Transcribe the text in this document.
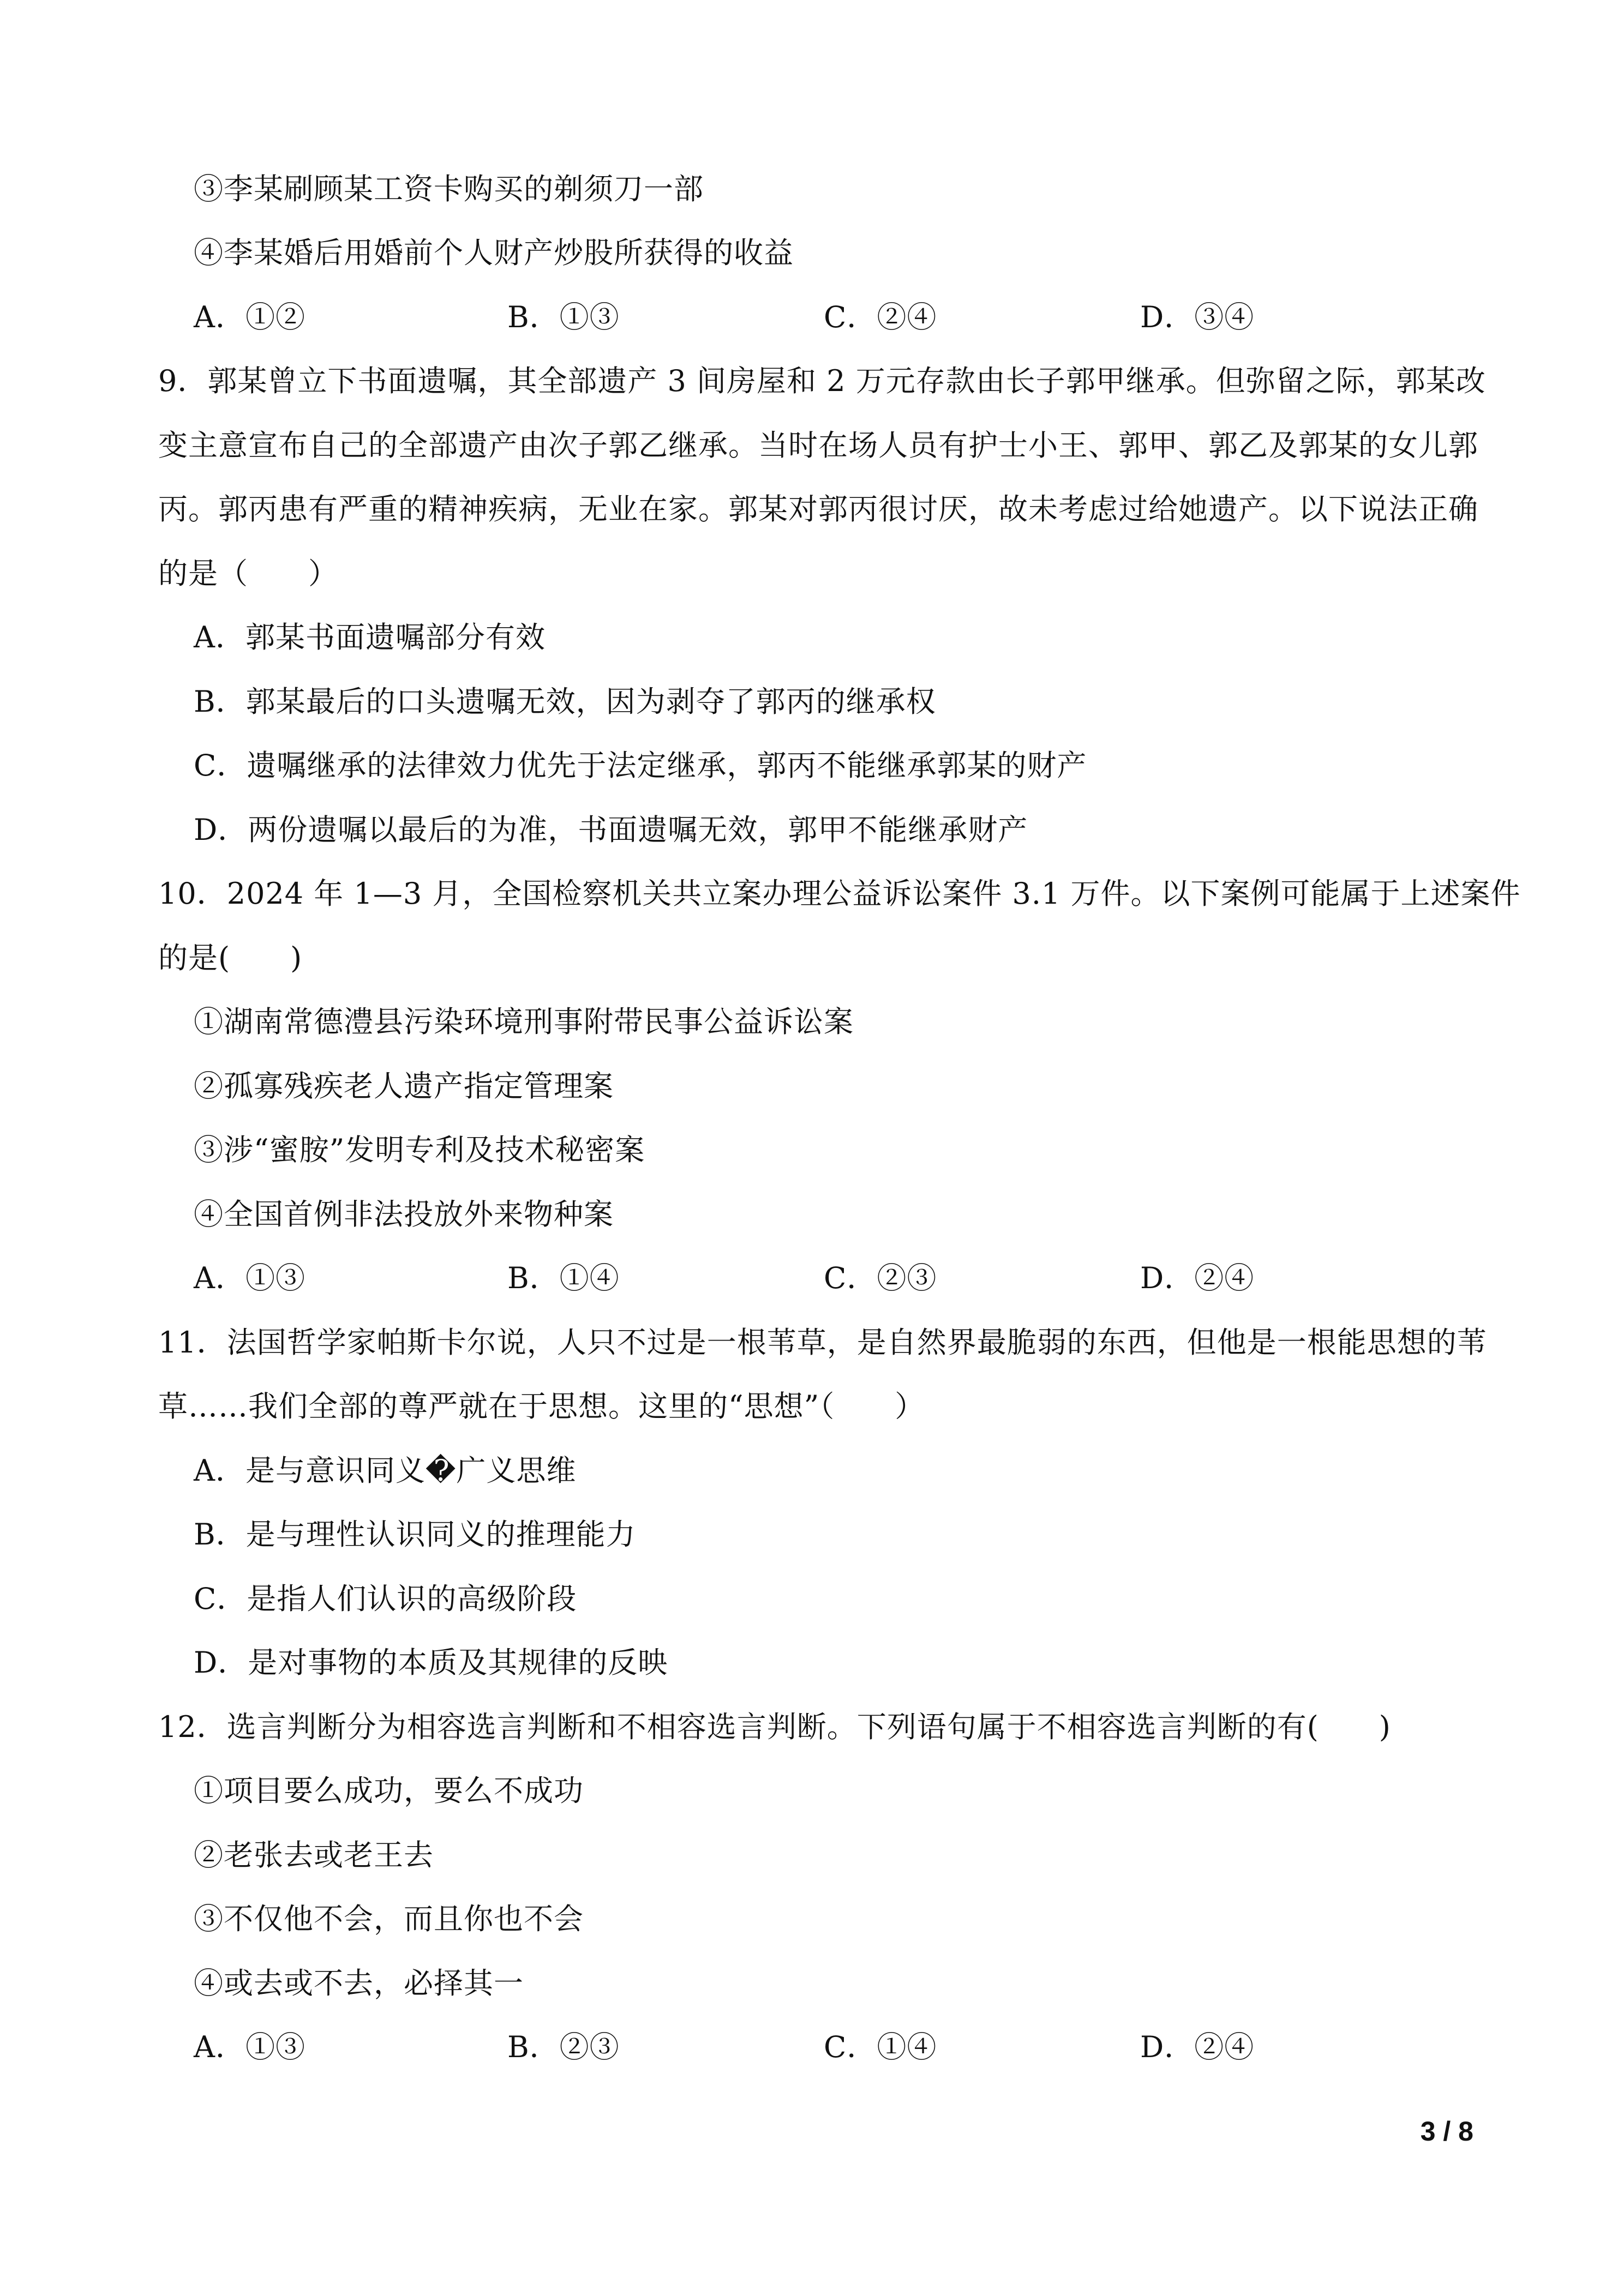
③李某刷顾某工资卡购买的剃须刀一部
④李某婚后用婚前个人财产炒股所获得的收益
A．①②	B．①③	C．②④	D．③④
9．郭某曾立下书面遗嘱，其全部遗产 3 间房屋和 2 万元存款由长子郭甲继承。但弥留之际，郭某改
变主意宣布自己的全部遗产由次子郭乙继承。当时在场人员有护士小王、郭甲、郭乙及郭某的女儿郭
丙。郭丙患有严重的精神疾病，无业在家。郭某对郭丙很讨厌，故未考虑过给她遗产。以下说法正确
的是（　　）
A．郭某书面遗嘱部分有效
B．郭某最后的口头遗嘱无效，因为剥夺了郭丙的继承权
C．遗嘱继承的法律效力优先于法定继承，郭丙不能继承郭某的财产
D．两份遗嘱以最后的为准，书面遗嘱无效，郭甲不能继承财产
10．2024 年 1—3 月，全国检察机关共立案办理公益诉讼案件 3.1 万件。以下案例可能属于上述案件
的是(　　)
①湖南常德澧县污染环境刑事附带民事公益诉讼案
②孤寡残疾老人遗产指定管理案
③涉“蜜胺”发明专利及技术秘密案
④全国首例非法投放外来物种案
A．①③	B．①④	C．②③	D．②④
11．法国哲学家帕斯卡尔说，人只不过是一根苇草，是自然界最脆弱的东西，但他是一根能思想的苇
草……我们全部的尊严就在于思想。这里的“思想”（　　）
A．是与意识同义�广义思维
B．是与理性认识同义的推理能力
C．是指人们认识的高级阶段
D．是对事物的本质及其规律的反映
12．选言判断分为相容选言判断和不相容选言判断。下列语句属于不相容选言判断的有(　　)
①项目要么成功，要么不成功
②老张去或老王去
③不仅他不会，而且你也不会
④或去或不去，必择其一
A．①③	B．②③	C．①④	D．②④
3 / 8
